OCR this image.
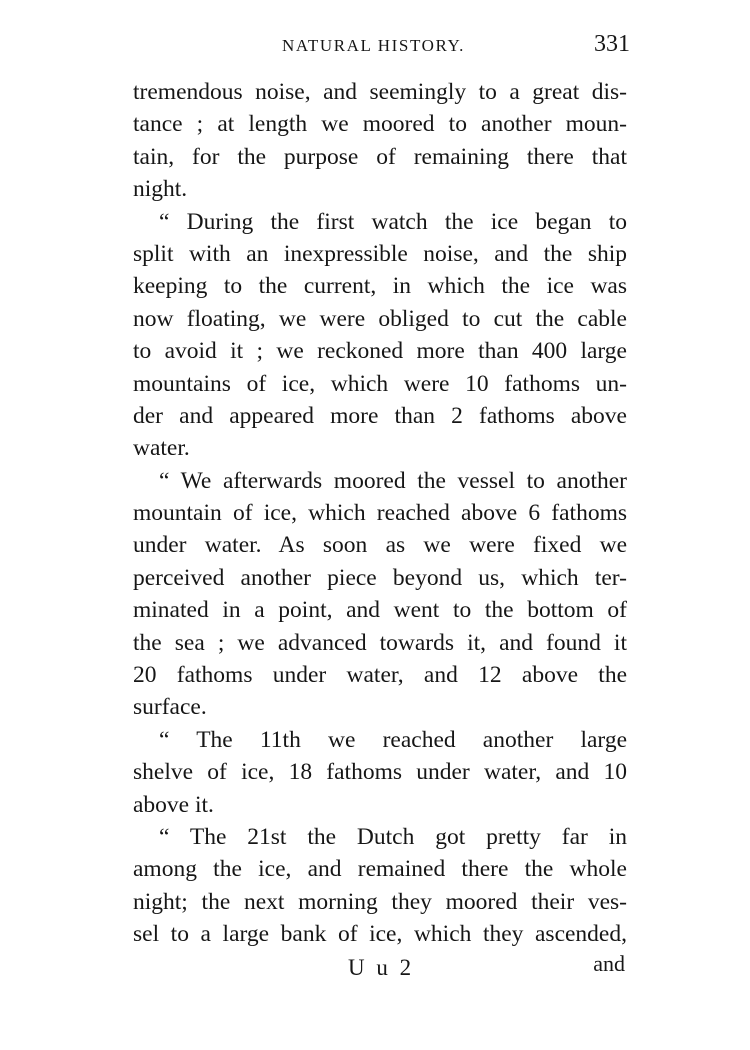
NATURAL HISTORY.	331
tremendous noise, and seemingly to a great dis-
tance ; at length we moored to another moun-
tain, for the purpose of remaining there that
night.
“ During the first watch the ice began to
split with an inexpressible noise, and the ship
keeping to the current, in which the ice was
now floating, we were obliged to cut the cable
to avoid it ; we reckoned more than 400 large
mountains of ice, which were 10 fathoms un-
der and appeared more than 2 fathoms above
water.
“ We afterwards moored the vessel to another
mountain of ice, which reached above 6 fathoms
under water. As soon as we were fixed we
perceived another piece beyond us, which ter-
minated in a point, and went to the bottom of
the sea ; we advanced towards it, and found it
20 fathoms under water, and 12 above the
surface.
“ The 11th we reached another large
shelve of ice, 18 fathoms under water, and 10
above it.
“ The 21st the Dutch got pretty far in
among the ice, and remained there the whole
night; the next morning they moored their ves-
sel to a large bank of ice, which they ascended,
U u 2	and
